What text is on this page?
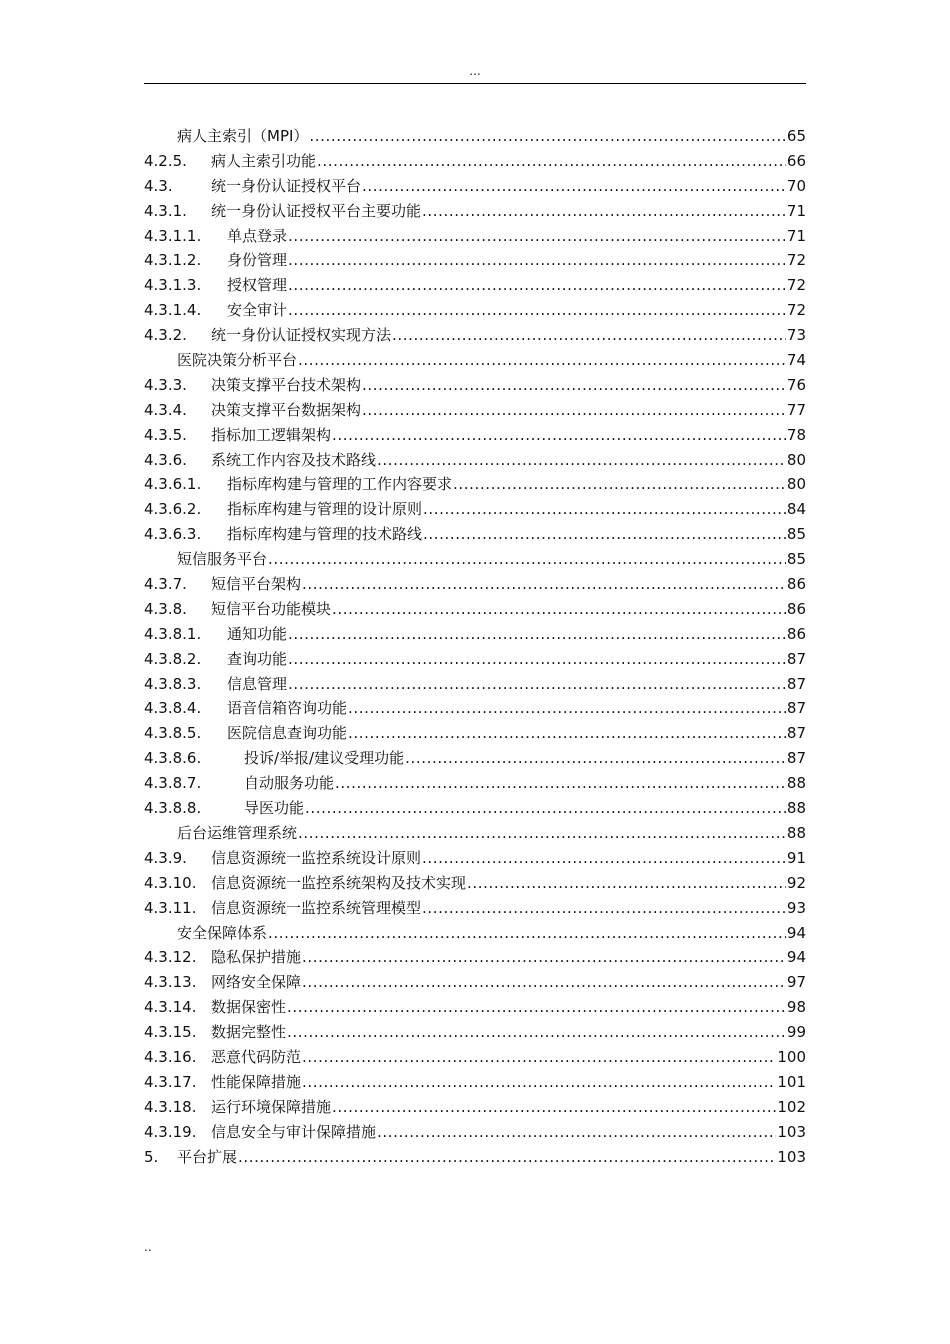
...
病人主索引（MPI） .....	65
4.2.5.	病人主索引功能 .....	66
4.3.	统一身份认证授权平台 .....	70
4.3.1.	统一身份认证授权平台主要功能 .....	71
4.3.1.1.	单点登录 .....	71
4.3.1.2.	身份管理 .....	72
4.3.1.3.	授权管理 .....	72
4.3.1.4.	安全审计 .....	72
4.3.2.	统一身份认证授权实现方法 .....	73
医院决策分析平台 .....	74
4.3.3.	决策支撑平台技术架构 .....	76
4.3.4.	决策支撑平台数据架构 .....	77
4.3.5.	指标加工逻辑架构 .....	78
4.3.6.	系统工作内容及技术路线 .....	80
4.3.6.1.	指标库构建与管理的工作内容要求 .....	80
4.3.6.2.	指标库构建与管理的设计原则 .....	84
4.3.6.3.	指标库构建与管理的技术路线 .....	85
短信服务平台 .....	85
4.3.7.	短信平台架构 .....	86
4.3.8.	短信平台功能模块 .....	86
4.3.8.1.	通知功能 .....	86
4.3.8.2.	查询功能 .....	87
4.3.8.3.	信息管理 .....	87
4.3.8.4.	语音信箱咨询功能 .....	87
4.3.8.5.	医院信息查询功能 .....	87
4.3.8.6.	投诉/举报/建议受理功能 .....	87
4.3.8.7.	自动服务功能 .....	88
4.3.8.8.	导医功能 .....	88
后台运维管理系统 .....	88
4.3.9.	信息资源统一监控系统设计原则 .....	91
4.3.10. 信息资源统一监控系统架构及技术实现 .....	92
4.3.11. 信息资源统一监控系统管理模型 .....	93
安全保障体系 .....	94
4.3.12. 隐私保护措施 .....	94
4.3.13. 网络安全保障 .....	97
4.3.14. 数据保密性 .....	98
4.3.15. 数据完整性 .....	99
4.3.16. 恶意代码防范 .....	100
4.3.17. 性能保障措施 .....	101
4.3.18. 运行环境保障措施 .....	102
4.3.19. 信息安全与审计保障措施 .....	103
5.	平台扩展 .....	103
..
